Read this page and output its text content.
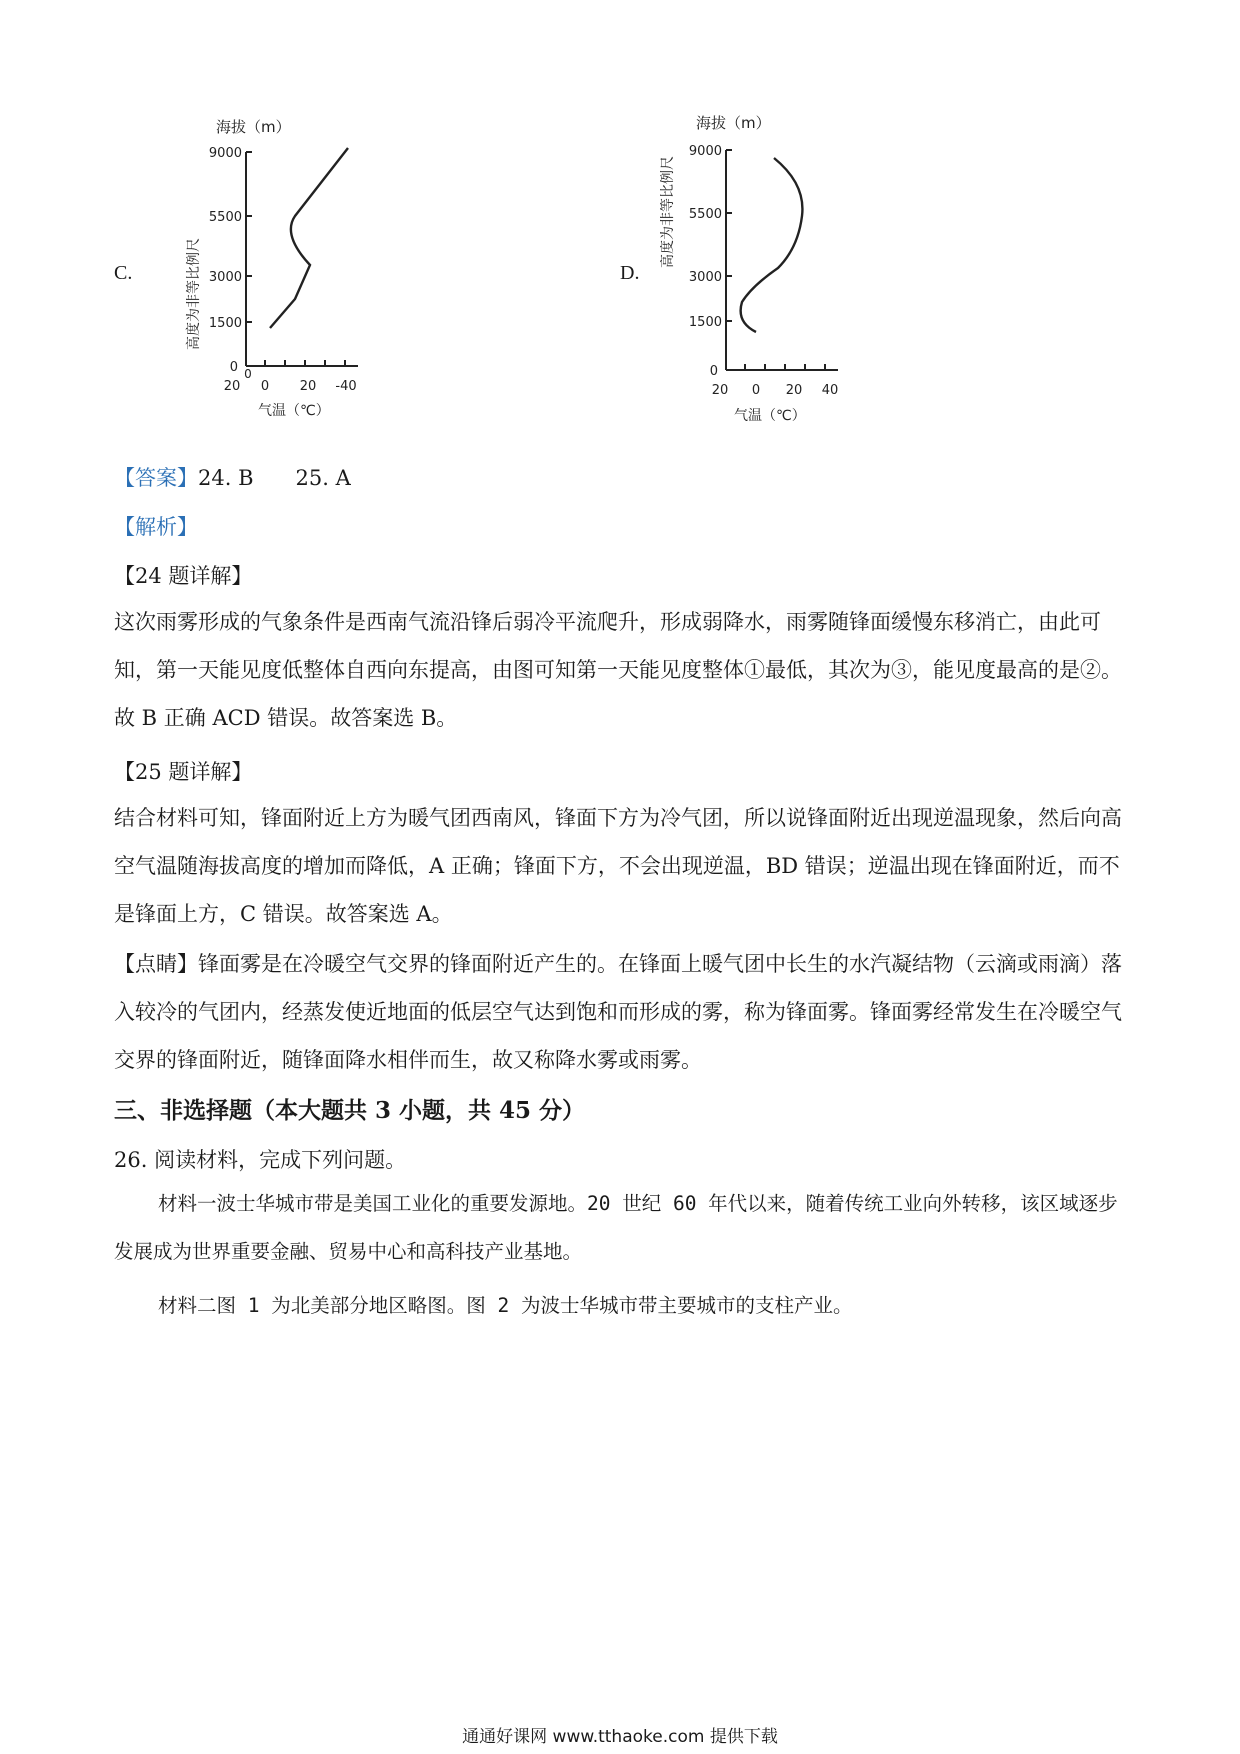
C.
海拔（m）
高度为非等比例尺
9000
5500
3000
1500
0 0
20 0 20 -40
气温（℃）
D.
海拔（m）
高度为非等比例尺
9000
5500
3000
1500
0
20 0 20 40
气温（℃）
【答案】24. B　　25. A
【解析】
【24 题详解】
这次雨雾形成的气象条件是西南气流沿锋后弱冷平流爬升，形成弱降水，雨雾随锋面缓慢东移消亡，由此可知，第一天能见度低整体自西向东提高，由图可知第一天能见度整体①最低，其次为③，能见度最高的是②。故 B 正确 ACD 错误。故答案选 B。
【25 题详解】
结合材料可知，锋面附近上方为暖气团西南风，锋面下方为冷气团，所以说锋面附近出现逆温现象，然后向高空气温随海拔高度的增加而降低，A 正确；锋面下方，不会出现逆温，BD 错误；逆温出现在锋面附近，而不是锋面上方，C 错误。故答案选 A。
【点睛】锋面雾是在冷暖空气交界的锋面附近产生的。在锋面上暖气团中长生的水汽凝结物（云滴或雨滴）落入较冷的气团内，经蒸发使近地面的低层空气达到饱和而形成的雾，称为锋面雾。锋面雾经常发生在冷暖空气交界的锋面附近，随锋面降水相伴而生，故又称降水雾或雨雾。
三、非选择题（本大题共 3 小题，共 45 分）
26. 阅读材料，完成下列问题。
材料一波士华城市带是美国工业化的重要发源地。20 世纪 60 年代以来，随着传统工业向外转移，该区域逐步发展成为世界重要金融、贸易中心和高科技产业基地。
材料二图 1 为北美部分地区略图。图 2 为波士华城市带主要城市的支柱产业。
通通好课网 www.tthaoke.com 提供下载
